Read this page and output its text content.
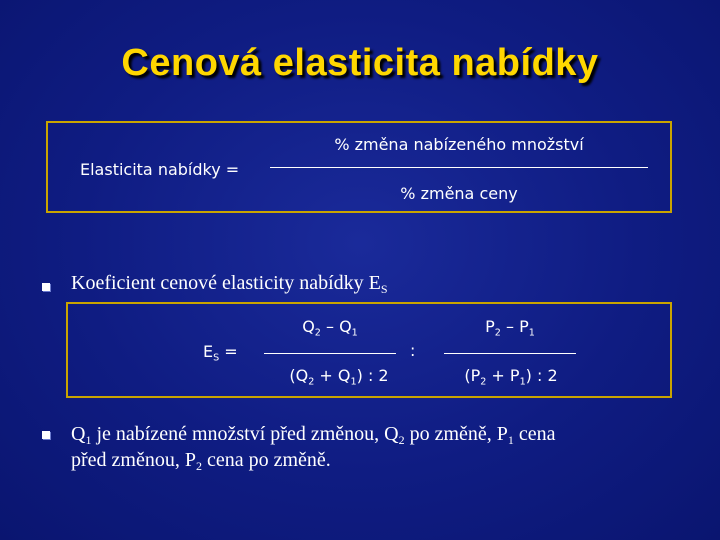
Cenová elasticita nabídky
Elasticita nabídky =
% změna nabízeného množství
% změna ceny
Koeficient cenové elasticity nabídky $E_S$
$E_S$ =
$Q_2 - Q_1$
$(Q_2 + Q_1)$ : 2
:
$P_2 - P_1$
$(P_2 + P_1)$ : 2
$Q_1$ je nabízené množství před změnou, $Q_2$ po změně, $P_1$ cena
před změnou, $P_2$ cena po změně.
